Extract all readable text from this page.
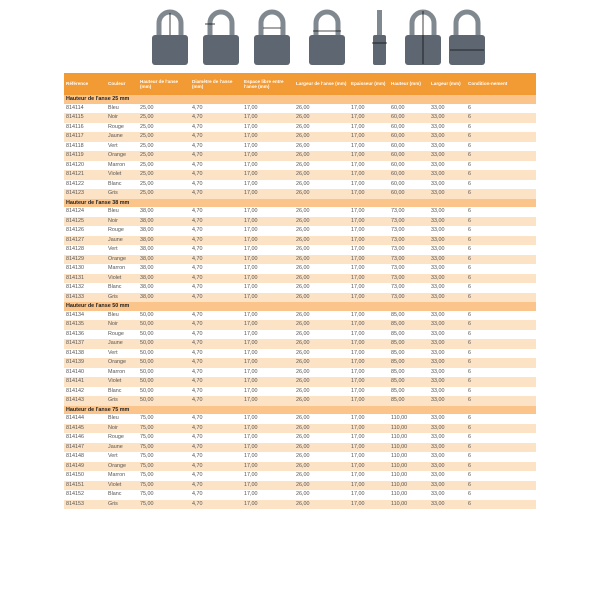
Référence	Couleur	Hauteur de l'anse (mm)	Diamètre de l'anse (mm)	Espace libre entre l'anse (mm)	Largeur de l'anse (mm)	Epaisseur (mm)	Hauteur (mm)	Largeur (mm)	Condition-nement
Hauteur de l'anse 25 mm									
814114	Bleu	25,00	4,70	17,00	26,00	17,00	60,00	33,00	6
814115	Noir	25,00	4,70	17,00	26,00	17,00	60,00	33,00	6
814116	Rouge	25,00	4,70	17,00	26,00	17,00	60,00	33,00	6
814117	Jaune	25,00	4,70	17,00	26,00	17,00	60,00	33,00	6
814118	Vert	25,00	4,70	17,00	26,00	17,00	60,00	33,00	6
814119	Orange	25,00	4,70	17,00	26,00	17,00	60,00	33,00	6
814120	Marron	25,00	4,70	17,00	26,00	17,00	60,00	33,00	6
814121	Violet	25,00	4,70	17,00	26,00	17,00	60,00	33,00	6
814122	Blanc	25,00	4,70	17,00	26,00	17,00	60,00	33,00	6
814123	Gris	25,00	4,70	17,00	26,00	17,00	60,00	33,00	6
Hauteur de l'anse 38 mm									
814124	Bleu	38,00	4,70	17,00	26,00	17,00	73,00	33,00	6
814125	Noir	38,00	4,70	17,00	26,00	17,00	73,00	33,00	6
814126	Rouge	38,00	4,70	17,00	26,00	17,00	73,00	33,00	6
814127	Jaune	38,00	4,70	17,00	26,00	17,00	73,00	33,00	6
814128	Vert	38,00	4,70	17,00	26,00	17,00	73,00	33,00	6
814129	Orange	38,00	4,70	17,00	26,00	17,00	73,00	33,00	6
814130	Marron	38,00	4,70	17,00	26,00	17,00	73,00	33,00	6
814131	Violet	38,00	4,70	17,00	26,00	17,00	73,00	33,00	6
814132	Blanc	38,00	4,70	17,00	26,00	17,00	73,00	33,00	6
814133	Gris	38,00	4,70	17,00	26,00	17,00	73,00	33,00	6
Hauteur de l'anse 50 mm									
814134	Bleu	50,00	4,70	17,00	26,00	17,00	85,00	33,00	6
814135	Noir	50,00	4,70	17,00	26,00	17,00	85,00	33,00	6
814136	Rouge	50,00	4,70	17,00	26,00	17,00	85,00	33,00	6
814137	Jaune	50,00	4,70	17,00	26,00	17,00	85,00	33,00	6
814138	Vert	50,00	4,70	17,00	26,00	17,00	85,00	33,00	6
814139	Orange	50,00	4,70	17,00	26,00	17,00	85,00	33,00	6
814140	Marron	50,00	4,70	17,00	26,00	17,00	85,00	33,00	6
814141	Violet	50,00	4,70	17,00	26,00	17,00	85,00	33,00	6
814142	Blanc	50,00	4,70	17,00	26,00	17,00	85,00	33,00	6
814143	Gris	50,00	4,70	17,00	26,00	17,00	85,00	33,00	6
Hauteur de l'anse 75 mm									
814144	Bleu	75,00	4,70	17,00	26,00	17,00	110,00	33,00	6
814145	Noir	75,00	4,70	17,00	26,00	17,00	110,00	33,00	6
814146	Rouge	75,00	4,70	17,00	26,00	17,00	110,00	33,00	6
814147	Jaune	75,00	4,70	17,00	26,00	17,00	110,00	33,00	6
814148	Vert	75,00	4,70	17,00	26,00	17,00	110,00	33,00	6
814149	Orange	75,00	4,70	17,00	26,00	17,00	110,00	33,00	6
814150	Marron	75,00	4,70	17,00	26,00	17,00	110,00	33,00	6
814151	Violet	75,00	4,70	17,00	26,00	17,00	110,00	33,00	6
814152	Blanc	75,00	4,70	17,00	26,00	17,00	110,00	33,00	6
814153	Gris	75,00	4,70	17,00	26,00	17,00	110,00	33,00	6
